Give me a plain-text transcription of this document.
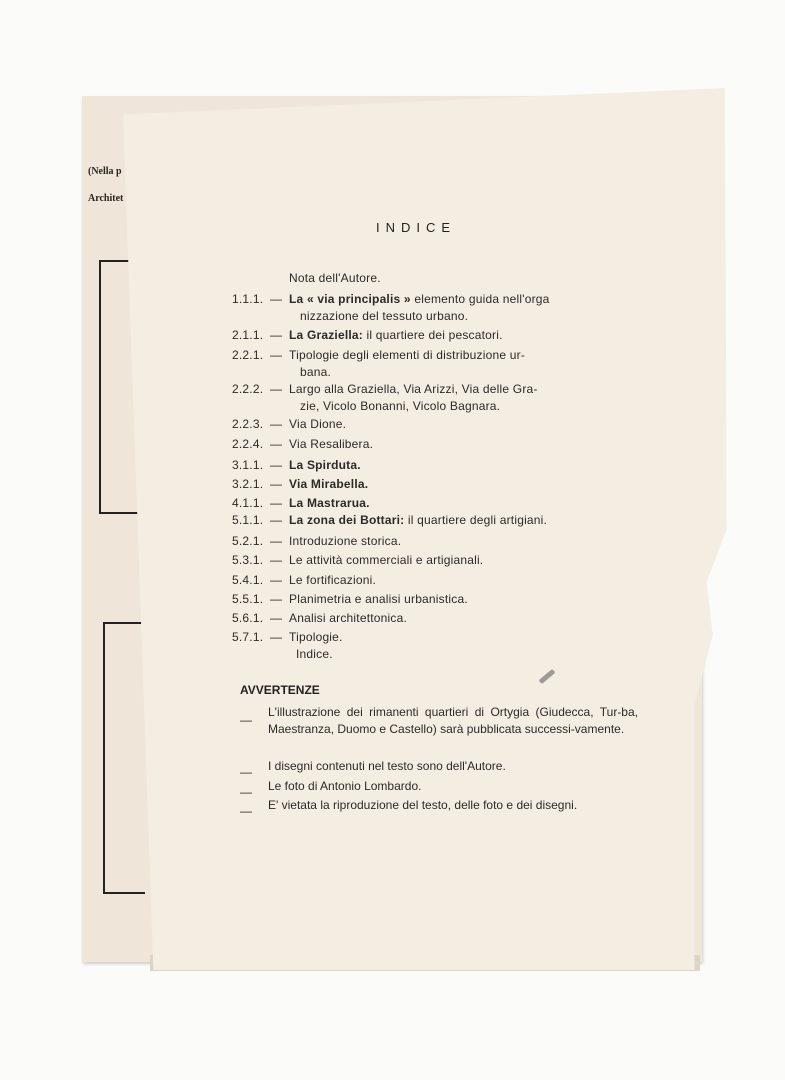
(Nella p
Architet
INDICE
Nota dell'Autore.
1.1.1. — La « via principalis » elemento guida nell'orga
nizzazione del tessuto urbano.
2.1.1. — La Graziella: il quartiere dei pescatori.
2.2.1. — Tipologie degli elementi di distribuzione ur-
bana.
2.2.2. — Largo alla Graziella, Via Arizzi, Via delle Gra-
zie, Vicolo Bonanni, Vicolo Bagnara.
2.2.3. — Via Dione.
2.2.4. — Via Resalibera.
3.1.1. — La Spirduta.
3.2.1. — Via Mirabella.
4.1.1. — La Mastrarua.
5.1.1. — La zona dei Bottari: il quartiere degli artigiani.
5.2.1. — Introduzione storica.
5.3.1. — Le attività commerciali e artigianali.
5.4.1. — Le fortificazioni.
5.5.1. — Planimetria e analisi urbanistica.
5.6.1. — Analisi architettonica.
5.7.1. — Tipologie.
Indice.
AVVERTENZE
—
L'illustrazione dei rimanenti quartieri di Ortygia (Giudecca, Tur-ba, Maestranza, Duomo e Castello) sarà pubblicata successi-vamente.
— I disegni contenuti nel testo sono dell'Autore.
— Le foto di Antonio Lombardo.
— E' vietata la riproduzione del testo, delle foto e dei disegni.
